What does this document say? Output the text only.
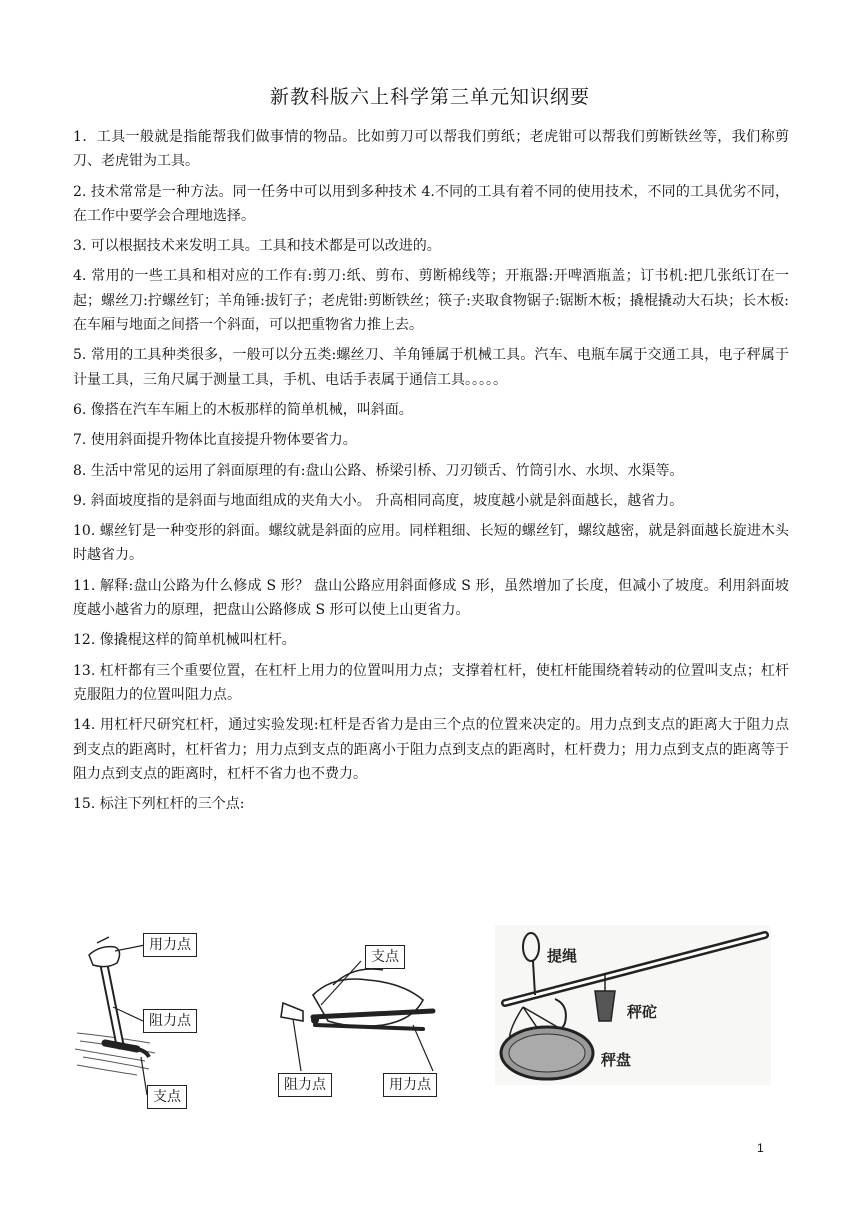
新教科版六上科学第三单元知识纲要

1．工具一般就是指能帮我们做事情的物品。比如剪刀可以帮我们剪纸；老虎钳可以帮我们剪断铁丝等，我们称剪刀、老虎钳为工具。

2. 技术常常是一种方法。同一任务中可以用到多种技术 4.不同的工具有着不同的使用技术，不同的工具优劣不同，在工作中要学会合理地选择。

3. 可以根据技术来发明工具。工具和技术都是可以改进的。

4. 常用的一些工具和相对应的工作有:剪刀:纸、剪布、剪断棉线等；开瓶器:开啤酒瓶盖；订书机:把几张纸订在一起；螺丝刀:拧螺丝钉；羊角锤:拔钉子；老虎钳:剪断铁丝；筷子:夹取食物锯子:锯断木板；撬棍撬动大石块；长木板:在车厢与地面之间搭一个斜面，可以把重物省力推上去。

5. 常用的工具种类很多，一般可以分五类:螺丝刀、羊角锤属于机械工具。汽车、电瓶车属于交通工具，电子秤属于计量工具，三角尺属于测量工具，手机、电话手表属于通信工具。。。。。

6. 像搭在汽车车厢上的木板那样的简单机械，叫斜面。

7. 使用斜面提升物体比直接提升物体要省力。

8. 生活中常见的运用了斜面原理的有:盘山公路、桥梁引桥、刀刃锁舌、竹筒引水、水坝、水渠等。

9. 斜面坡度指的是斜面与地面组成的夹角大小。 升高相同高度，坡度越小就是斜面越长，越省力。

10. 螺丝钉是一种变形的斜面。螺纹就是斜面的应用。同样粗细、长短的螺丝钉，螺纹越密，就是斜面越长旋进木头时越省力。

11. 解释:盘山公路为什么修成 S 形？ 盘山公路应用斜面修成 S 形，虽然增加了长度，但减小了坡度。利用斜面坡度越小越省力的原理，把盘山公路修成 S 形可以使上山更省力。

12. 像撬棍这样的简单机械叫杠杆。

13. 杠杆都有三个重要位置，在杠杆上用力的位置叫用力点；支撑着杠杆，使杠杆能围绕着转动的位置叫支点；杠杆克服阻力的位置叫阻力点。

14. 用杠杆尺研究杠杆，通过实验发现:杠杆是否省力是由三个点的位置来决定的。用力点到支点的距离大于阻力点到支点的距离时，杠杆省力；用力点到支点的距离小于阻力点到支点的距离时，杠杆费力；用力点到支点的距离等于阻力点到支点的距离时，杠杆不省力也不费力。

15. 标注下列杠杆的三个点:

用力点
阻力点
支点
支点
阻力点	用力点
提绳
秤砣
秤盘
1
